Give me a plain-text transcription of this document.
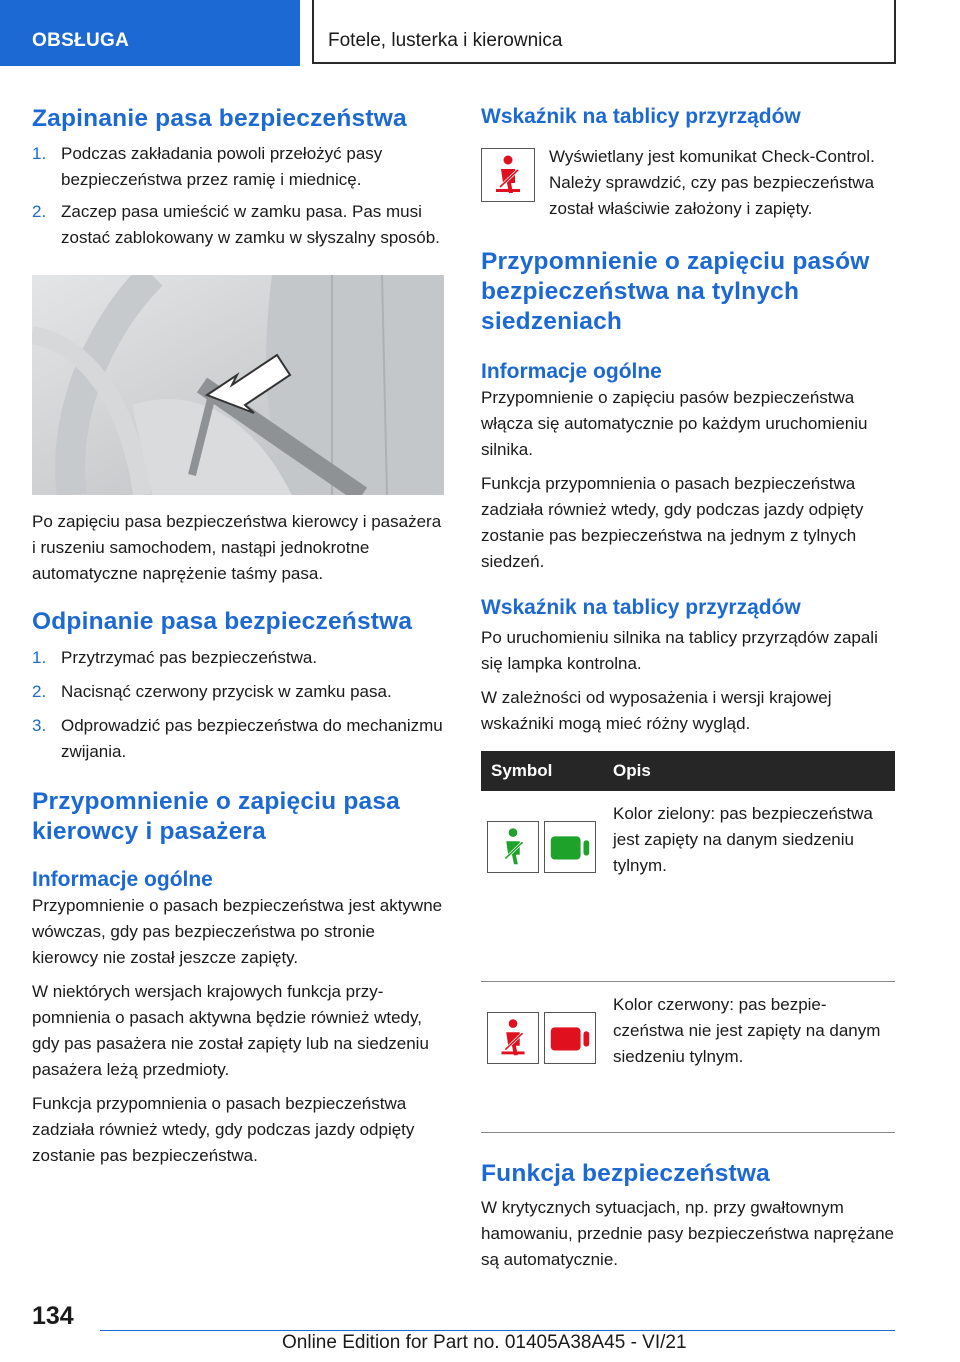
OBSŁUGA	Fotele, lusterka i kierownica
Zapinanie pasa bezpieczeństwa
1. Podczas zakładania powoli przełożyć pasy bezpieczeństwa przez ramię i miednicę.
2. Zaczep pasa umieścić w zamku pasa. Pas musi zostać zablokowany w zamku w słyszalny sposób.

Po zapięciu pasa bezpieczeństwa kierowcy i pasażera i ruszeniu samochodem, nastąpi jednokrotne automatyczne naprężenie taśmy pasa.

Odpinanie pasa bezpieczeństwa
1. Przytrzymać pas bezpieczeństwa.
2. Nacisnąć czerwony przycisk w zamku pasa.
3. Odprowadzić pas bezpieczeństwa do mechanizmu zwijania.
Przypomnienie o zapięciu pasa kierowcy i pasażera
Informacje ogólne

Przypomnienie o pasach bezpieczeństwa jest aktywne wówczas, gdy pas bezpieczeństwa po stronie kierowcy nie został jeszcze zapięty.

W niektórych wersjach krajowych funkcja przypomnienia o pasach aktywna będzie również wtedy, gdy pas pasażera nie został zapięty lub na siedzeniu pasażera leżą przedmioty.

Funkcja przypomnienia o pasach bezpieczeństwa zadziała również wtedy, gdy podczas jazdy odpięty zostanie pas bezpieczeństwa.

Wskaźnik na tablicy przyrządów

Wyświetlany jest komunikat Check-Control. Należy sprawdzić, czy pas bezpieczeństwa został właściwie założony i zapięty.

Przypomnienie o zapięciu pasów bezpieczeństwa na tylnych siedzeniach
Informacje ogólne

Przypomnienie o zapięciu pasów bezpieczeństwa włącza się automatycznie po każdym uruchomieniu silnika.

Funkcja przypomnienia o pasach bezpieczeństwa zadziała również wtedy, gdy podczas jazdy odpięty zostanie pas bezpieczeństwa na jednym z tylnych siedzeń.

Wskaźnik na tablicy przyrządów

Po uruchomieniu silnika na tablicy przyrządów zapali się lampka kontrolna.

W zależności od wyposażenia i wersji krajowej wskaźniki mogą mieć różny wygląd.

Symbol	Opis
	Kolor zielony: pas bezpieczeństwa jest zapięty na danym siedzeniu tylnym.
	Kolor czerwony: pas bezpieczeństwa nie jest zapięty na danym siedzeniu tylnym.
Funkcja bezpieczeństwa

W krytycznych sytuacjach, np. przy gwałtownym hamowaniu, przednie pasy bezpieczeństwa naprężane są automatycznie.

134
Online Edition for Part no. 01405A38A45 - VI/21
